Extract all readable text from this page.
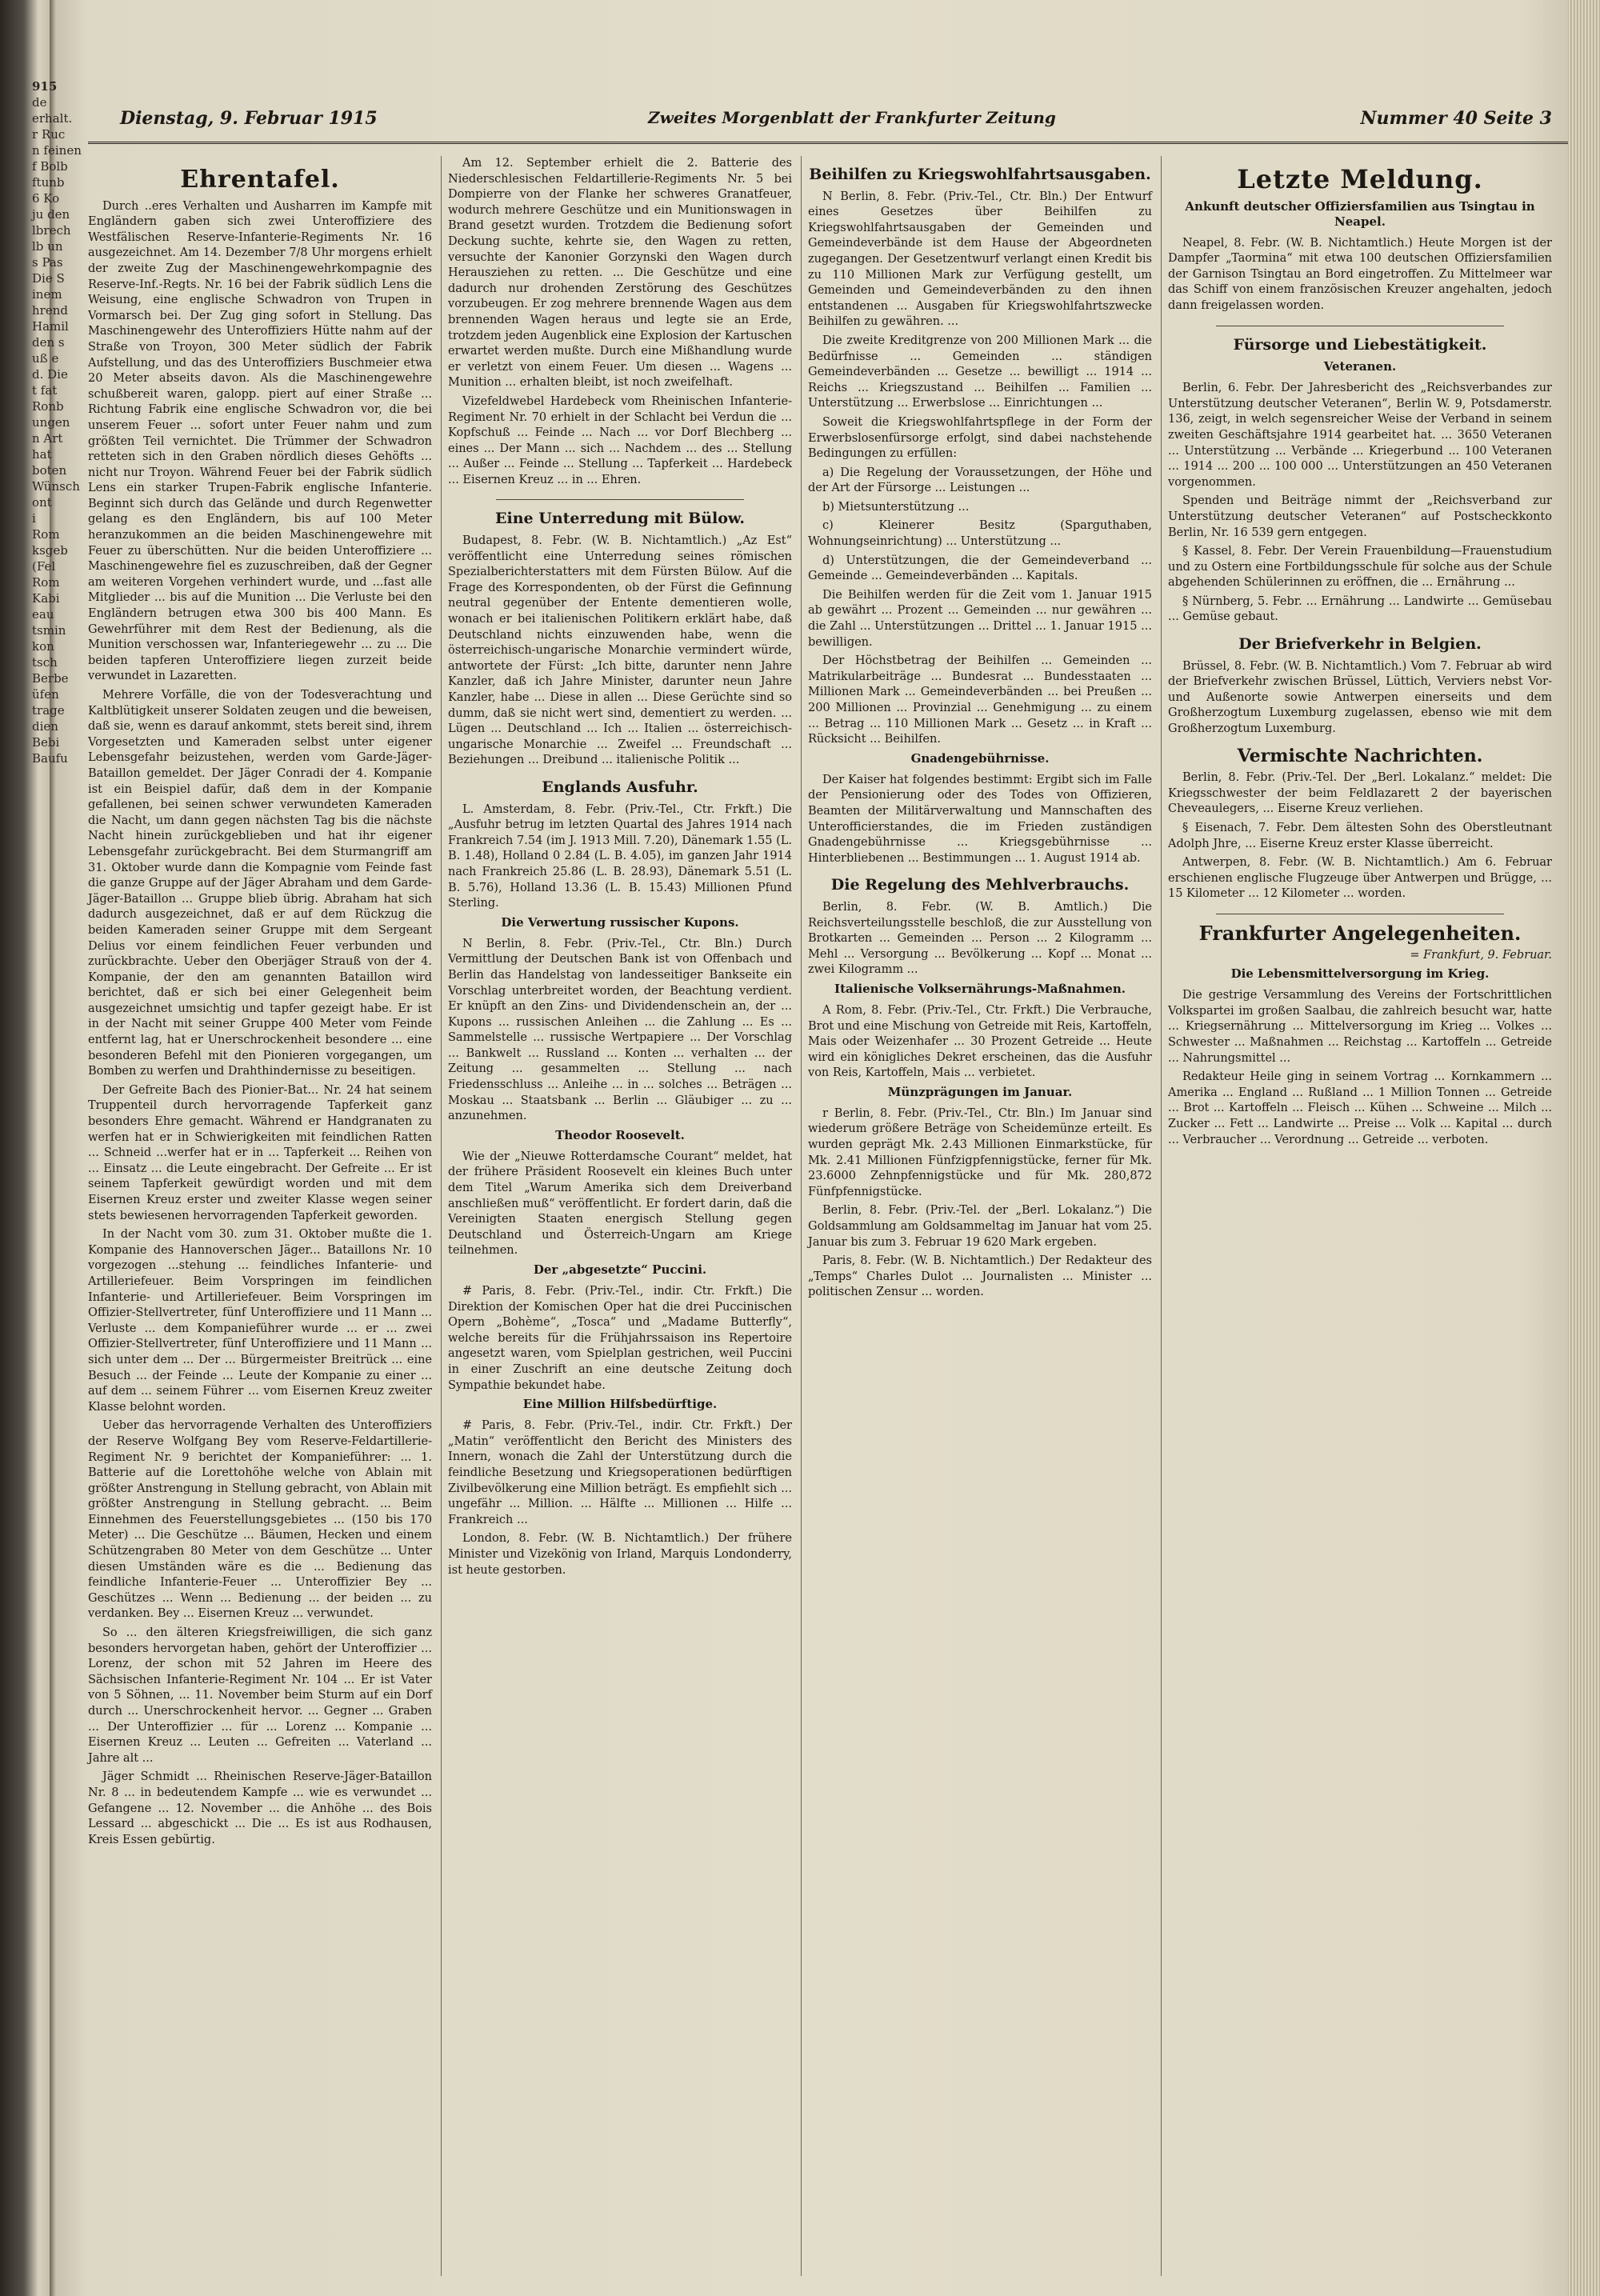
915
de
erhalt.
r Ruc
n feinen
f Bolb
ftunb
6 Ko
ju den
lbrech
lb un
s Pas
Die S
inem
hrend
Hamil
den s
uß e
d. Die
t fat
Ronb
ungen
n Art
hat
boten
Wünsch
ont
i
Rom
ksgeb
(Fel
Rom
Kabi
eau
tsmin
kon
tsch
Berbe
üfen
trage
dien
Bebi
Baufu
Dienstag, 9. Februar 1915	Zweites Morgenblatt der Frankfurter Zeitung	Nummer 40 Seite 3
Ehrentafel.

Durch ..eres Verhalten und Ausharren im Kampfe mit Engländern gaben sich zwei Unteroffiziere des Westfälischen Reserve-Infanterie-Regiments Nr. 16 ausgezeichnet. Am 14. Dezember 7/8 Uhr morgens erhielt der zweite Zug der Maschinengewehrkompagnie des Reserve-Inf.-Regts. Nr. 16 bei der Fabrik südlich Lens die Weisung, eine englische Schwadron von Trupen in Vormarsch bei. Der Zug ging sofort in Stellung. Das Maschinengewehr des Unteroffiziers Hütte nahm auf der Straße von Troyon, 300 Meter südlich der Fabrik Aufstellung, und das des Unteroffiziers Buschmeier etwa 20 Meter abseits davon. Als die Maschinengewehre schußbereit waren, galopp. piert auf einer Straße ... Richtung Fabrik eine englische Schwadron vor, die bei unserem Feuer ... sofort unter Feuer nahm und zum größten Teil vernichtet. Die Trümmer der Schwadron retteten sich in den Graben nördlich dieses Gehöfts ... nicht nur Troyon. Während Feuer bei der Fabrik südlich Lens ein starker Trupen-Fabrik englische Infanterie. Beginnt sich durch das Gelände und durch Regenwetter gelang es den Engländern, bis auf 100 Meter heranzukommen an die beiden Maschinengewehre mit Feuer zu überschütten. Nur die beiden Unteroffiziere ... Maschinengewehre fiel es zuzuschreiben, daß der Gegner am weiteren Vorgehen verhindert wurde, und ...fast alle Mitglieder ... bis auf die Munition ... Die Verluste bei den Engländern betrugen etwa 300 bis 400 Mann. Es Gewehrführer mit dem Rest der Bedienung, als die Munition verschossen war, Infanteriegewehr ... zu ... Die beiden tapferen Unteroffiziere liegen zurzeit beide verwundet in Lazaretten.

Mehrere Vorfälle, die von der Todesverachtung und Kaltblütigkeit unserer Soldaten zeugen und die beweisen, daß sie, wenn es darauf ankommt, stets bereit sind, ihrem Vorgesetzten und Kameraden selbst unter eigener Lebensgefahr beizustehen, werden vom Garde-Jäger-Bataillon gemeldet. Der Jäger Conradi der 4. Kompanie ist ein Beispiel dafür, daß dem in der Kompanie gefallenen, bei seinen schwer verwundeten Kameraden die Nacht, um dann gegen nächsten Tag bis die nächste Nacht hinein zurückgeblieben und hat ihr eigener Lebensgefahr zurückgebracht. Bei dem Sturmangriff am 31. Oktober wurde dann die Kompagnie vom Feinde fast die ganze Gruppe auf der Jäger Abraham und dem Garde-Jäger-Bataillon ... Gruppe blieb übrig. Abraham hat sich dadurch ausgezeichnet, daß er auf dem Rückzug die beiden Kameraden seiner Gruppe mit dem Sergeant Delius vor einem feindlichen Feuer verbunden und zurückbrachte. Ueber den Oberjäger Strauß von der 4. Kompanie, der den am genannten Bataillon wird berichtet, daß er sich bei einer Gelegenheit beim ausgezeichnet umsichtig und tapfer gezeigt habe. Er ist in der Nacht mit seiner Gruppe 400 Meter vom Feinde entfernt lag, hat er Unerschrockenheit besondere ... eine besonderen Befehl mit den Pionieren vorgegangen, um Bomben zu werfen und Drahthindernisse zu beseitigen.

Der Gefreite Bach des Pionier-Bat... Nr. 24 hat seinem Truppenteil durch hervorragende Tapferkeit ganz besonders Ehre gemacht. Während er Handgranaten zu werfen hat er in Schwierigkeiten mit feindlichen Ratten ... Schneid ...werfer hat er in ... Tapferkeit ... Reihen von ... Einsatz ... die Leute eingebracht. Der Gefreite ... Er ist seinem Tapferkeit gewürdigt worden und mit dem Eisernen Kreuz erster und zweiter Klasse wegen seiner stets bewiesenen hervorragenden Tapferkeit geworden.

In der Nacht vom 30. zum 31. Oktober mußte die 1. Kompanie des Hannoverschen Jäger... Bataillons Nr. 10 vorgezogen ...stehung ... feindliches Infanterie- und Artilleriefeuer. Beim Vorspringen im feindlichen Infanterie- und Artilleriefeuer. Beim Vorspringen im Offizier-Stellvertreter, fünf Unteroffiziere und 11 Mann ... Verluste ... dem Kompanieführer wurde ... er ... zwei Offizier-Stellvertreter, fünf Unteroffiziere und 11 Mann ... sich unter dem ... Der ... Bürgermeister Breitrück ... eine Besuch ... der Feinde ... Leute der Kompanie zu einer ... auf dem ... seinem Führer ... vom Eisernen Kreuz zweiter Klasse belohnt worden.

Ueber das hervorragende Verhalten des Unteroffiziers der Reserve Wolfgang Bey vom Reserve-Feldartillerie-Regiment Nr. 9 berichtet der Kompanieführer: ... 1. Batterie auf die Lorettohöhe welche von Ablain mit größter Anstrengung in Stellung gebracht, von Ablain mit größter Anstrengung in Stellung gebracht. ... Beim Einnehmen des Feuerstellungsgebietes ... (150 bis 170 Meter) ... Die Geschütze ... Bäumen, Hecken und einem Schützengraben 80 Meter von dem Geschütze ... Unter diesen Umständen wäre es die ... Bedienung das feindliche Infanterie-Feuer ... Unteroffizier Bey ... Geschützes ... Wenn ... Bedienung ... der beiden ... zu verdanken. Bey ... Eisernen Kreuz ... verwundet.

So ... den älteren Kriegsfreiwilligen, die sich ganz besonders hervorgetan haben, gehört der Unteroffizier ... Lorenz, der schon mit 52 Jahren im Heere des Sächsischen Infanterie-Regiment Nr. 104 ... Er ist Vater von 5 Söhnen, ... 11. November beim Sturm auf ein Dorf durch ... Unerschrockenheit hervor. ... Gegner ... Graben ... Der Unteroffizier ... für ... Lorenz ... Kompanie ... Eisernen Kreuz ... Leuten ... Gefreiten ... Vaterland ... Jahre alt ...

Jäger Schmidt ... Rheinischen Reserve-Jäger-Bataillon Nr. 8 ... in bedeutendem Kampfe ... wie es verwundet ... Gefangene ... 12. November ... die Anhöhe ... des Bois Lessard ... abgeschickt ... Die ... Es ist aus Rodhausen, Kreis Essen gebürtig.

Am 12. September erhielt die 2. Batterie des Niederschlesischen Feldartillerie-Regiments Nr. 5 bei Dompierre von der Flanke her schweres Granatfeuer, wodurch mehrere Geschütze und ein Munitionswagen in Brand gesetzt wurden. Trotzdem die Bedienung sofort Deckung suchte, kehrte sie, den Wagen zu retten, versuchte der Kanonier Gorzynski den Wagen durch Herausziehen zu retten. ... Die Geschütze und eine dadurch nur drohenden Zerstörung des Geschützes vorzubeugen. Er zog mehrere brennende Wagen aus dem brennenden Wagen heraus und legte sie an Erde, trotzdem jeden Augenblick eine Explosion der Kartuschen erwartet werden mußte. Durch eine Mißhandlung wurde er verletzt von einem Feuer. Um diesen ... Wagens ... Munition ... erhalten bleibt, ist noch zweifelhaft.

Vizefeldwebel Hardebeck vom Rheinischen Infanterie-Regiment Nr. 70 erhielt in der Schlacht bei Verdun die ... Kopfschuß ... Feinde ... Nach ... vor Dorf Blechberg ... eines ... Der Mann ... sich ... Nachdem ... des ... Stellung ... Außer ... Feinde ... Stellung ... Tapferkeit ... Hardebeck ... Eisernen Kreuz ... in ... Ehren.

Eine Unterredung mit Bülow.

Budapest, 8. Febr. (W. B. Nichtamtlich.) „Az Est“ veröffentlicht eine Unterredung seines römischen Spezialberichterstatters mit dem Fürsten Bülow. Auf die Frage des Korrespondenten, ob der Fürst die Gefinnung neutral gegenüber der Entente dementieren wolle, wonach er bei italienischen Politikern erklärt habe, daß Deutschland nichts einzuwenden habe, wenn die österreichisch-ungarische Monarchie vermindert würde, antwortete der Fürst: „Ich bitte, darunter nenn Jahre Kanzler, daß ich Jahre Minister, darunter neun Jahre Kanzler, habe ... Diese in allen ... Diese Gerüchte sind so dumm, daß sie nicht wert sind, dementiert zu werden. ... Lügen ... Deutschland ... Ich ... Italien ... österreichisch-ungarische Monarchie ... Zweifel ... Freundschaft ... Beziehungen ... Dreibund ... italienische Politik ...

Englands Ausfuhr.

L. Amsterdam, 8. Febr. (Priv.-Tel., Ctr. Frkft.) Die „Ausfuhr betrug im letzten Quartal des Jahres 1914 nach Frankreich 7.54 (im J. 1913 Mill. 7.20), Dänemark 1.55 (L. B. 1.48), Holland 0 2.84 (L. B. 4.05), im ganzen Jahr 1914 nach Frankreich 25.86 (L. B. 28.93), Dänemark 5.51 (L. B. 5.76), Holland 13.36 (L. B. 15.43) Millionen Pfund Sterling.

Die Verwertung russischer Kupons.

N Berlin, 8. Febr. (Priv.-Tel., Ctr. Bln.) Durch Vermittlung der Deutschen Bank ist von Offenbach und Berlin das Handelstag von landesseitiger Bankseite ein Vorschlag unterbreitet worden, der Beachtung verdient. Er knüpft an den Zins- und Dividendenschein an, der ... Kupons ... russischen Anleihen ... die Zahlung ... Es ... Sammelstelle ... russische Wertpapiere ... Der Vorschlag ... Bankwelt ... Russland ... Konten ... verhalten ... der Zeitung ... gesammelten ... Stellung ... nach Friedensschluss ... Anleihe ... in ... solches ... Beträgen ... Moskau ... Staatsbank ... Berlin ... Gläubiger ... zu ... anzunehmen.

Theodor Roosevelt.

Wie der „Nieuwe Rotterdamsche Courant“ meldet, hat der frühere Präsident Roosevelt ein kleines Buch unter dem Titel „Warum Amerika sich dem Dreiverband anschließen muß“ veröffentlicht. Er fordert darin, daß die Vereinigten Staaten energisch Stellung gegen Deutschland und Österreich-Ungarn am Kriege teilnehmen.

Der „abgesetzte“ Puccini.

# Paris, 8. Febr. (Priv.-Tel., indir. Ctr. Frkft.) Die Direktion der Komischen Oper hat die drei Puccinischen Opern „Bohème“, „Tosca“ und „Madame Butterfly“, welche bereits für die Frühjahrssaison ins Repertoire angesetzt waren, vom Spielplan gestrichen, weil Puccini in einer Zuschrift an eine deutsche Zeitung doch Sympathie bekundet habe.

Eine Million Hilfsbedürftige.

# Paris, 8. Febr. (Priv.-Tel., indir. Ctr. Frkft.) Der „Matin“ veröffentlicht den Bericht des Ministers des Innern, wonach die Zahl der Unterstützung durch die feindliche Besetzung und Kriegsoperationen bedürftigen Zivilbevölkerung eine Million beträgt. Es empfiehlt sich ... ungefähr ... Million. ... Hälfte ... Millionen ... Hilfe ... Frankreich ...

London, 8. Febr. (W. B. Nichtamtlich.) Der frühere Minister und Vizekönig von Irland, Marquis Londonderry, ist heute gestorben.

Beihilfen zu Kriegswohlfahrtsausgaben.

N Berlin, 8. Febr. (Priv.-Tel., Ctr. Bln.) Der Entwurf eines Gesetzes über Beihilfen zu Kriegswohlfahrtsausgaben der Gemeinden und Gemeindeverbände ist dem Hause der Abgeordneten zugegangen. Der Gesetzentwurf verlangt einen Kredit bis zu 110 Millionen Mark zur Verfügung gestellt, um Gemeinden und Gemeindeverbänden zu den ihnen entstandenen ... Ausgaben für Kriegswohlfahrtszwecke Beihilfen zu gewähren. ...

Die zweite Kreditgrenze von 200 Millionen Mark ... die Bedürfnisse ... Gemeinden ... ständigen Gemeindeverbänden ... Gesetze ... bewilligt ... 1914 ... Reichs ... Kriegszustand ... Beihilfen ... Familien ... Unterstützung ... Erwerbslose ... Einrichtungen ...

Soweit die Kriegswohlfahrtspflege in der Form der Erwerbslosenfürsorge erfolgt, sind dabei nachstehende Bedingungen zu erfüllen:

a) Die Regelung der Voraussetzungen, der Höhe und der Art der Fürsorge ... Leistungen ...

b) Mietsunterstützung ...

c) Kleinerer Besitz (Sparguthaben, Wohnungseinrichtung) ... Unterstützung ...

d) Unterstützungen, die der Gemeindeverband ... Gemeinde ... Gemeindeverbänden ... Kapitals.

Die Beihilfen werden für die Zeit vom 1. Januar 1915 ab gewährt ... Prozent ... Gemeinden ... nur gewähren ... die Zahl ... Unterstützungen ... Drittel ... 1. Januar 1915 ... bewilligen.

Der Höchstbetrag der Beihilfen ... Gemeinden ... Matrikularbeiträge ... Bundesrat ... Bundesstaaten ... Millionen Mark ... Gemeindeverbänden ... bei Preußen ... 200 Millionen ... Provinzial ... Genehmigung ... zu einem ... Betrag ... 110 Millionen Mark ... Gesetz ... in Kraft ... Rücksicht ... Beihilfen.

Gnadengebührnisse.

Der Kaiser hat folgendes bestimmt: Ergibt sich im Falle der Pensionierung oder des Todes von Offizieren, Beamten der Militärverwaltung und Mannschaften des Unterofficierstandes, die im Frieden zuständigen Gnadengebührnisse ... Kriegsgebührnisse ... Hinterbliebenen ... Bestimmungen ... 1. August 1914 ab.

Die Regelung des Mehlverbrauchs.

Berlin, 8. Febr. (W. B. Amtlich.) Die Reichsverteilungsstelle beschloß, die zur Ausstellung von Brotkarten ... Gemeinden ... Person ... 2 Kilogramm ... Mehl ... Versorgung ... Bevölkerung ... Kopf ... Monat ... zwei Kilogramm ...

Italienische Volksernährungs-Maßnahmen.

A Rom, 8. Febr. (Priv.-Tel., Ctr. Frkft.) Die Verbrauche, Brot und eine Mischung von Getreide mit Reis, Kartoffeln, Mais oder Weizenhafer ... 30 Prozent Getreide ... Heute wird ein königliches Dekret erscheinen, das die Ausfuhr von Reis, Kartoffeln, Mais ... verbietet.

Münzprägungen im Januar.

r Berlin, 8. Febr. (Priv.-Tel., Ctr. Bln.) Im Januar sind wiederum größere Beträge von Scheidemünze erteilt. Es wurden geprägt Mk. 2.43 Millionen Einmarkstücke, für Mk. 2.41 Millionen Fünfzigpfennigstücke, ferner für Mk. 23.6000 Zehnpfennigstücke und für Mk. 280,872 Fünfpfennigstücke.

Berlin, 8. Febr. (Priv.-Tel. der „Berl. Lokalanz.“) Die Goldsammlung am Goldsammeltag im Januar hat vom 25. Januar bis zum 3. Februar 19 620 Mark ergeben.

Paris, 8. Febr. (W. B. Nichtamtlich.) Der Redakteur des „Temps“ Charles Dulot ... Journalisten ... Minister ... politischen Zensur ... worden.

Letzte Meldung.
Ankunft deutscher Offiziersfamilien aus Tsingtau in Neapel.

Neapel, 8. Febr. (W. B. Nichtamtlich.) Heute Morgen ist der Dampfer „Taormina“ mit etwa 100 deutschen Offiziersfamilien der Garnison Tsingtau an Bord eingetroffen. Zu Mittelmeer war das Schiff von einem französischen Kreuzer angehalten, jedoch dann freigelassen worden.

Fürsorge und Liebestätigkeit.
Veteranen.

Berlin, 6. Febr. Der Jahresbericht des „Reichsverbandes zur Unterstützung deutscher Veteranen“, Berlin W. 9, Potsdamerstr. 136, zeigt, in welch segensreicher Weise der Verband in seinem zweiten Geschäftsjahre 1914 gearbeitet hat. ... 3650 Veteranen ... Unterstützung ... Verbände ... Kriegerbund ... 100 Veteranen ... 1914 ... 200 ... 100 000 ... Unterstützungen an 450 Veteranen vorgenommen.

Spenden und Beiträge nimmt der „Reichsverband zur Unterstützung deutscher Veteranen“ auf Postscheckkonto Berlin, Nr. 16 539 gern entgegen.

§ Kassel, 8. Febr. Der Verein Frauenbildung—Frauenstudium und zu Ostern eine Fortbildungsschule für solche aus der Schule abgehenden Schülerinnen zu eröffnen, die ... Ernährung ...

§ Nürnberg, 5. Febr. ... Ernährung ... Landwirte ... Gemüsebau ... Gemüse gebaut.

Der Briefverkehr in Belgien.

Brüssel, 8. Febr. (W. B. Nichtamtlich.) Vom 7. Februar ab wird der Briefverkehr zwischen Brüssel, Lüttich, Verviers nebst Vor- und Außenorte sowie Antwerpen einerseits und dem Großherzogtum Luxemburg zugelassen, ebenso wie mit dem Großherzogtum Luxemburg.

Vermischte Nachrichten.

Berlin, 8. Febr. (Priv.-Tel. Der „Berl. Lokalanz.“ meldet: Die Kriegsschwester der beim Feldlazarett 2 der bayerischen Cheveaulegers, ... Eiserne Kreuz verliehen.

§ Eisenach, 7. Febr. Dem ältesten Sohn des Oberstleutnant Adolph Jhre, ... Eiserne Kreuz erster Klasse überreicht.

Antwerpen, 8. Febr. (W. B. Nichtamtlich.) Am 6. Februar erschienen englische Flugzeuge über Antwerpen und Brügge, ... 15 Kilometer ... 12 Kilometer ... worden.

Frankfurter Angelegenheiten.
= Frankfurt, 9. Februar.
Die Lebensmittelversorgung im Krieg.

Die gestrige Versammlung des Vereins der Fortschrittlichen Volkspartei im großen Saalbau, die zahlreich besucht war, hatte ... Kriegsernährung ... Mittelversorgung im Krieg ... Volkes ... Schwester ... Maßnahmen ... Reichstag ... Kartoffeln ... Getreide ... Nahrungsmittel ...

Redakteur Heile ging in seinem Vortrag ... Kornkammern ... Amerika ... England ... Rußland ... 1 Million Tonnen ... Getreide ... Brot ... Kartoffeln ... Fleisch ... Kühen ... Schweine ... Milch ... Zucker ... Fett ... Landwirte ... Preise ... Volk ... Kapital ... durch ... Verbraucher ... Verordnung ... Getreide ... verboten.
